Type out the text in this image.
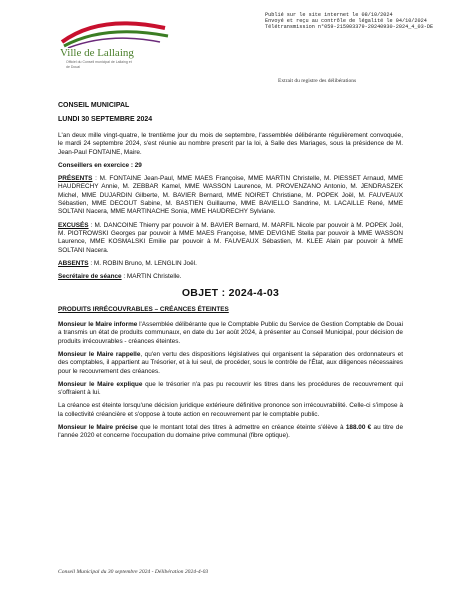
Ville de Lallaing
Officiel du Conseil municipal de Lallaing et de Douai
Publié sur le site internet le 08/10/2024
Envoyé et reçu au contrôle de légalité le 04/10/2024
Télétransmission n°059-215903379-20240930-2024_4_03-DE
Extrait du registre des délibérations

CONSEIL MUNICIPAL

LUNDI 30 SEPTEMBRE 2024

L'an deux mille vingt-quatre, le trentième jour du mois de septembre, l'assemblée délibérante régulièrement convoquée, le mardi 24 septembre 2024, s'est réunie au nombre prescrit par la loi, à Salle des Mariages, sous la présidence de M. Jean-Paul FONTAINE, Maire.

Conseillers en exercice : 29

PRÉSENTS : M. FONTAINE Jean-Paul, MME MAES Françoise, MME MARTIN Christelle, M. PIESSET Arnaud, MME HAUDRECHY Annie, M. ZEBBAR Kamel, MME WASSON Laurence, M. PROVENZANO Antonio, M. JENDRASZEK Michel, MME DUJARDIN Gilberte, M. BAVIER Bernard, MME NOIRET Christiane, M. POPEK Joël, M. FAUVEAUX Sébastien, MME DECOUT Sabine, M. BASTIEN Guillaume, MME BAVIELLO Sandrine, M. LACAILLE René, MME SOLTANI Nacera, MME MARTINACHE Sonia, MME HAUDRECHY Sylviane.

EXCUSÉS : M. DANCOINE Thierry par pouvoir à M. BAVIER Bernard, M. MARFIL Nicole par pouvoir à M. POPEK Joël, M. PIOTROWSKI Georges par pouvoir à MME MAES Françoise, MME DEVIGNE Stella par pouvoir à MME WASSON Laurence, MME KOSMALSKI Emilie par pouvoir à M. FAUVEAUX Sébastien, M. KLEE Alain par pouvoir à MME SOLTANI Nacera.

ABSENTS : M. ROBIN Bruno, M. LENGLIN Joël.

Secrétaire de séance : MARTIN Christelle.

OBJET : 2024-4-03
PRODUITS IRRÉCOUVRABLES – CRÉANCES ÉTEINTES

Monsieur le Maire informe l'Assemblée délibérante que le Comptable Public du Service de Gestion Comptable de Douai a transmis un état de produits communaux, en date du 1er août 2024, à présenter au Conseil Municipal, pour décision de produits irrécouvrables - créances éteintes.

Monsieur le Maire rappelle, qu'en vertu des dispositions législatives qui organisent la séparation des ordonnateurs et des comptables, il appartient au Trésorier, et à lui seul, de procéder, sous le contrôle de l'État, aux diligences nécessaires pour le recouvrement des créances.

Monsieur le Maire explique que le trésorier n'a pas pu recouvrir les titres dans les procédures de recouvrement qui s'offraient à lui.

La créance est éteinte lorsqu'une décision juridique extérieure définitive prononce son irrécouvrabilité. Celle-ci s'impose à la collectivité créancière et s'oppose à toute action en recouvrement par le comptable public.

Monsieur le Maire précise que le montant total des titres à admettre en créance éteinte s'élève à 188.00 € au titre de l'année 2020 et concerne l'occupation du domaine prive communal (fibre optique).

Conseil Municipal du 30 septembre 2024 - Délibération 2024-4-03
